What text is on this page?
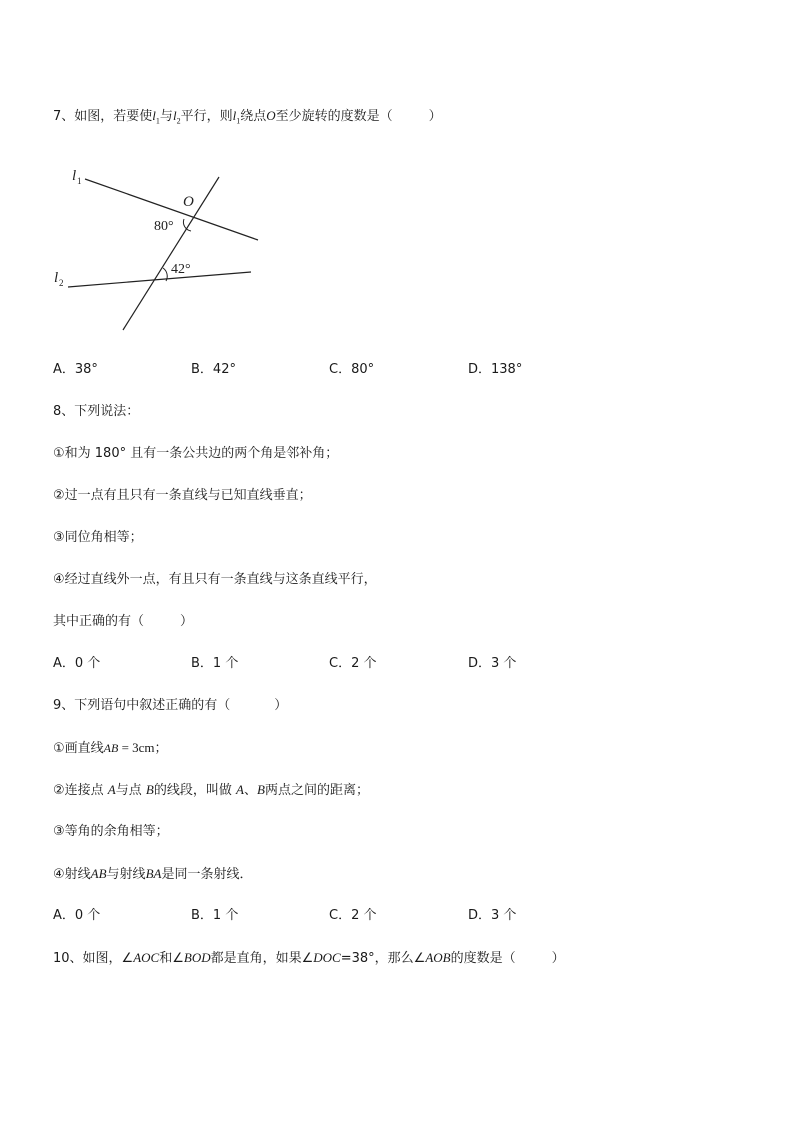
7、如图，若要使$l_1$与$l_2$平行，则$l_1$绕点O至少旋转的度数是（	）
l 1
l 2
O
80°
42°
A．38°	B．42°	C．80°	D．138°
8、下列说法：
①和为 180° 且有一条公共边的两个角是邻补角；
②过一点有且只有一条直线与已知直线垂直；
③同位角相等；
④经过直线外一点，有且只有一条直线与这条直线平行，
其中正确的有（	）
A．0 个	B．1 个	C．2 个	D．3 个
9、下列语句中叙述正确的有（	）
①画直线AB = 3cm；
②连接点 A与点 B的线段，叫做 A、B两点之间的距离；
③等角的余角相等；
④射线AB与射线BA是同一条射线．
A．0 个	B．1 个	C．2 个	D．3 个
10、如图，∠AOC和∠BOD都是直角，如果∠DOC=38°，那么∠AOB的度数是（	）
